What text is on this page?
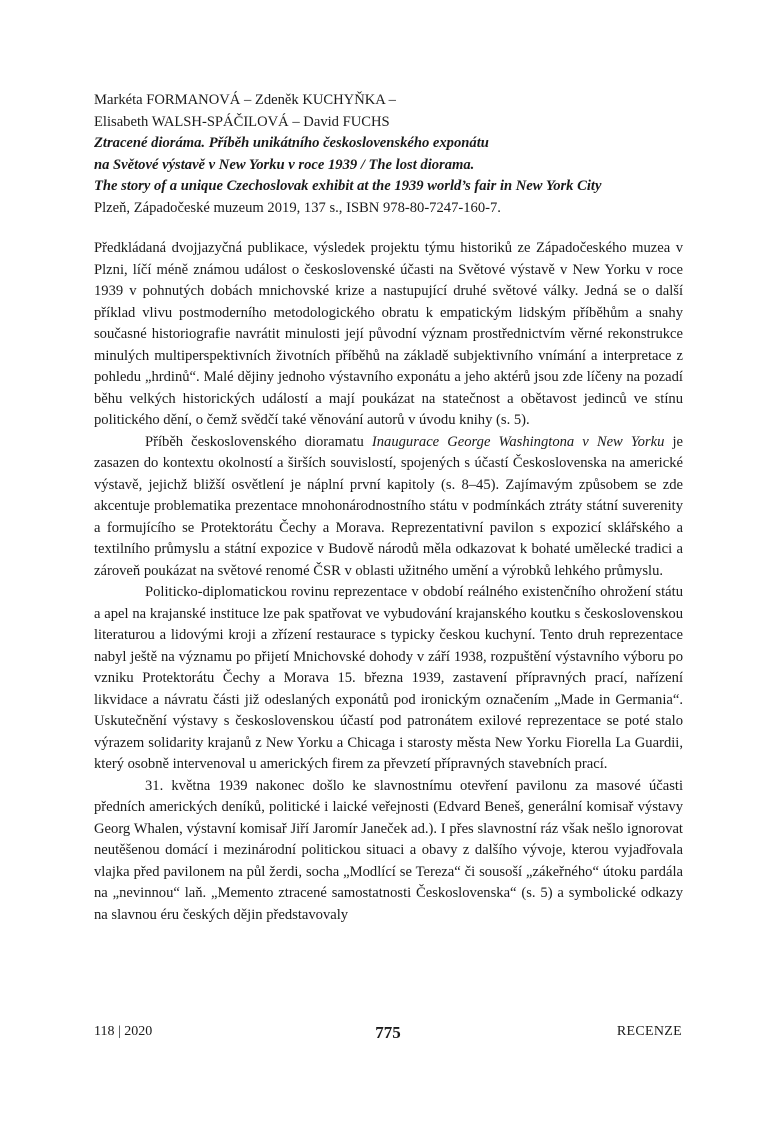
Markéta FORMANOVÁ – Zdeněk KUCHYŇKA –
Elisabeth WALSH-SPÁČILOVÁ – David FUCHS
Ztracené dioráma. Příběh unikátního československého exponátu
na Světové výstavě v New Yorku v roce 1939 / The lost diorama.
The story of a unique Czechoslovak exhibit at the 1939 world’s fair in New York City
Plzeň, Západočeské muzeum 2019, 137 s., ISBN 978-80-7247-160-7.

Předkládaná dvojjazyčná publikace, výsledek projektu týmu historiků ze Západočeského muzea v Plzni, líčí méně známou událost o československé účasti na Světové výstavě v New Yorku v roce 1939 v pohnutých dobách mnichovské krize a nastupující druhé světové války. Jedná se o další příklad vlivu postmoderního metodologického obratu k empatickým lidským příběhům a snahy současné historiografie navrátit minulosti její původní význam prostřednictvím věrné rekonstrukce minulých multiperspektivních životních příběhů na základě subjektivního vnímání a interpretace z pohledu „hrdinů“. Malé dějiny jednoho výstavního exponátu a jeho aktérů jsou zde líčeny na pozadí běhu velkých historických událostí a mají poukázat na statečnost a obětavost jedinců ve stínu politického dění, o čemž svědčí také věnování autorů v úvodu knihy (s. 5).

Příběh československého dioramatu Inaugurace George Washingtona v New Yorku je zasazen do kontextu okolností a širších souvislostí, spojených s účastí Československa na americké výstavě, jejichž bližší osvětlení je náplní první kapitoly (s. 8–45). Zajímavým způsobem se zde akcentuje problematika prezentace mnohonárodnostního státu v podmínkách ztráty státní suverenity a formujícího se Protektorátu Čechy a Morava. Reprezentativní pavilon s expozicí sklářského a textilního průmyslu a státní expozice v Budově národů měla odkazovat k bohaté umělecké tradici a zároveň poukázat na světové renomé ČSR v oblasti užitného umění a výrobků lehkého průmyslu.

Politicko-diplomatickou rovinu reprezentace v období reálného existenčního ohrožení státu a apel na krajanské instituce lze pak spatřovat ve vybudování krajanského koutku s československou literaturou a lidovými kroji a zřízení restaurace s typicky českou kuchyní. Tento druh reprezentace nabyl ještě na významu po přijetí Mnichovské dohody v září 1938, rozpuštění výstavního výboru po vzniku Protektorátu Čechy a Morava 15. března 1939, zastavení přípravných prací, nařízení likvidace a návratu části již odeslaných exponátů pod ironickým označením „Made in Germania“. Uskutečnění výstavy s československou účastí pod patronátem exilové reprezentace se poté stalo výrazem solidarity krajanů z New Yorku a Chicaga i starosty města New Yorku Fiorella La Guardii, který osobně intervenoval u amerických firem za převzetí přípravných stavebních prací.

31. května 1939 nakonec došlo ke slavnostnímu otevření pavilonu za masové účasti předních amerických deníků, politické i laické veřejnosti (Edvard Beneš, generální komisař výstavy Georg Whalen, výstavní komisař Jiří Jaromír Janeček ad.). I přes slavnostní ráz však nešlo ignorovat neutěšenou domácí i mezinárodní politickou situaci a obavy z dalšího vývoje, kterou vyjadřovala vlajka před pavilonem na půl žerdi, socha „Modlící se Tereza“ či sousoší „zákeřného“ útoku pardála na „nevinnou“ laň. „Memento ztracené samostatnosti Československa“ (s. 5) a symbolické odkazy na slavnou éru českých dějin představovaly

118 | 2020	775	RECENZE
